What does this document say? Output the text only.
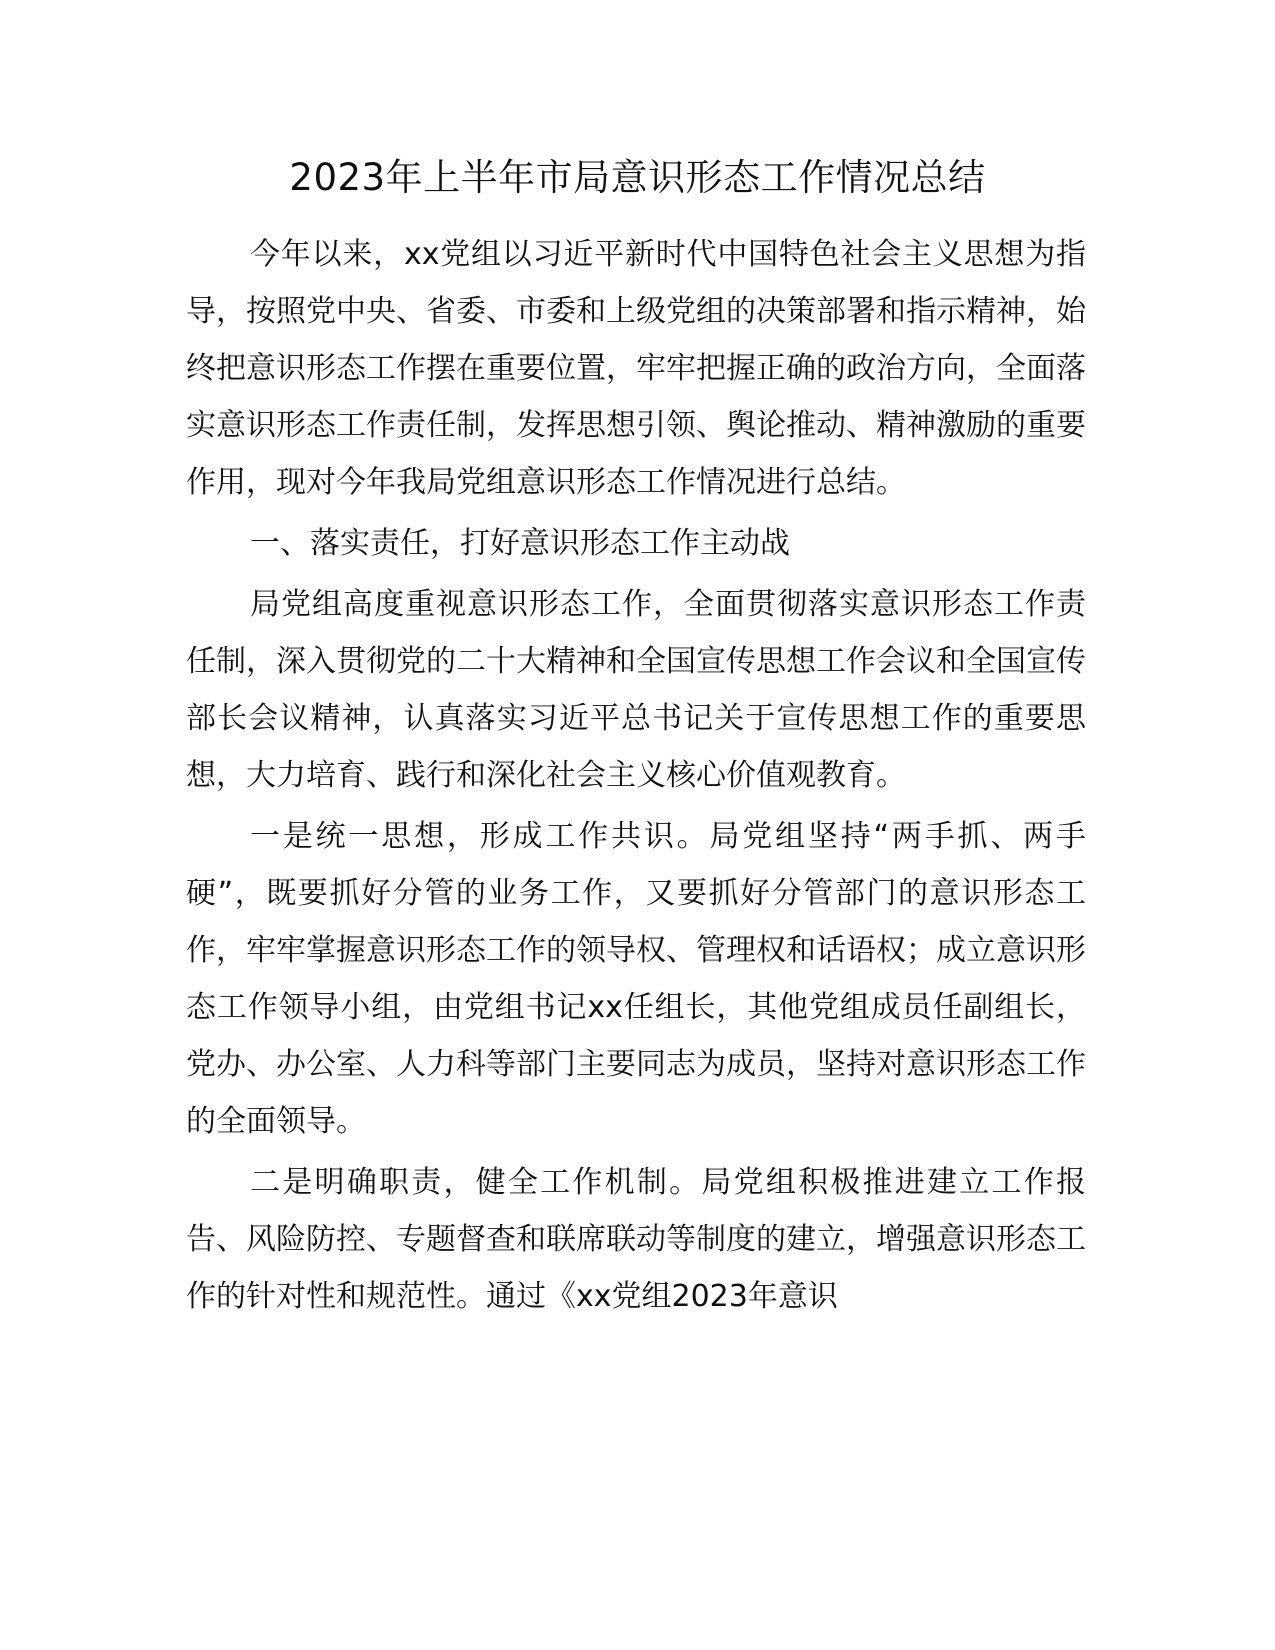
2023年上半年市局意识形态工作情况总结

今年以来，xx党组以习近平新时代中国特色社会主义思想为指导，按照党中央、省委、市委和上级党组的决策部署和指示精神，始终把意识形态工作摆在重要位置，牢牢把握正确的政治方向，全面落实意识形态工作责任制，发挥思想引领、舆论推动、精神激励的重要作用，现对今年我局党组意识形态工作情况进行总结。

一、落实责任，打好意识形态工作主动战

局党组高度重视意识形态工作，全面贯彻落实意识形态工作责任制，深入贯彻党的二十大精神和全国宣传思想工作会议和全国宣传部长会议精神，认真落实习近平总书记关于宣传思想工作的重要思想，大力培育、践行和深化社会主义核心价值观教育。

一是统一思想，形成工作共识。局党组坚持“两手抓、两手硬”，既要抓好分管的业务工作，又要抓好分管部门的意识形态工作，牢牢掌握意识形态工作的领导权、管理权和话语权；成立意识形态工作领导小组，由党组书记xx任组长，其他党组成员任副组长，党办、办公室、人力科等部门主要同志为成员，坚持对意识形态工作的全面领导。

二是明确职责，健全工作机制。局党组积极推进建立工作报告、风险防控、专题督查和联席联动等制度的建立，增强意识形态工作的针对性和规范性。通过《xx党组2023年意识
